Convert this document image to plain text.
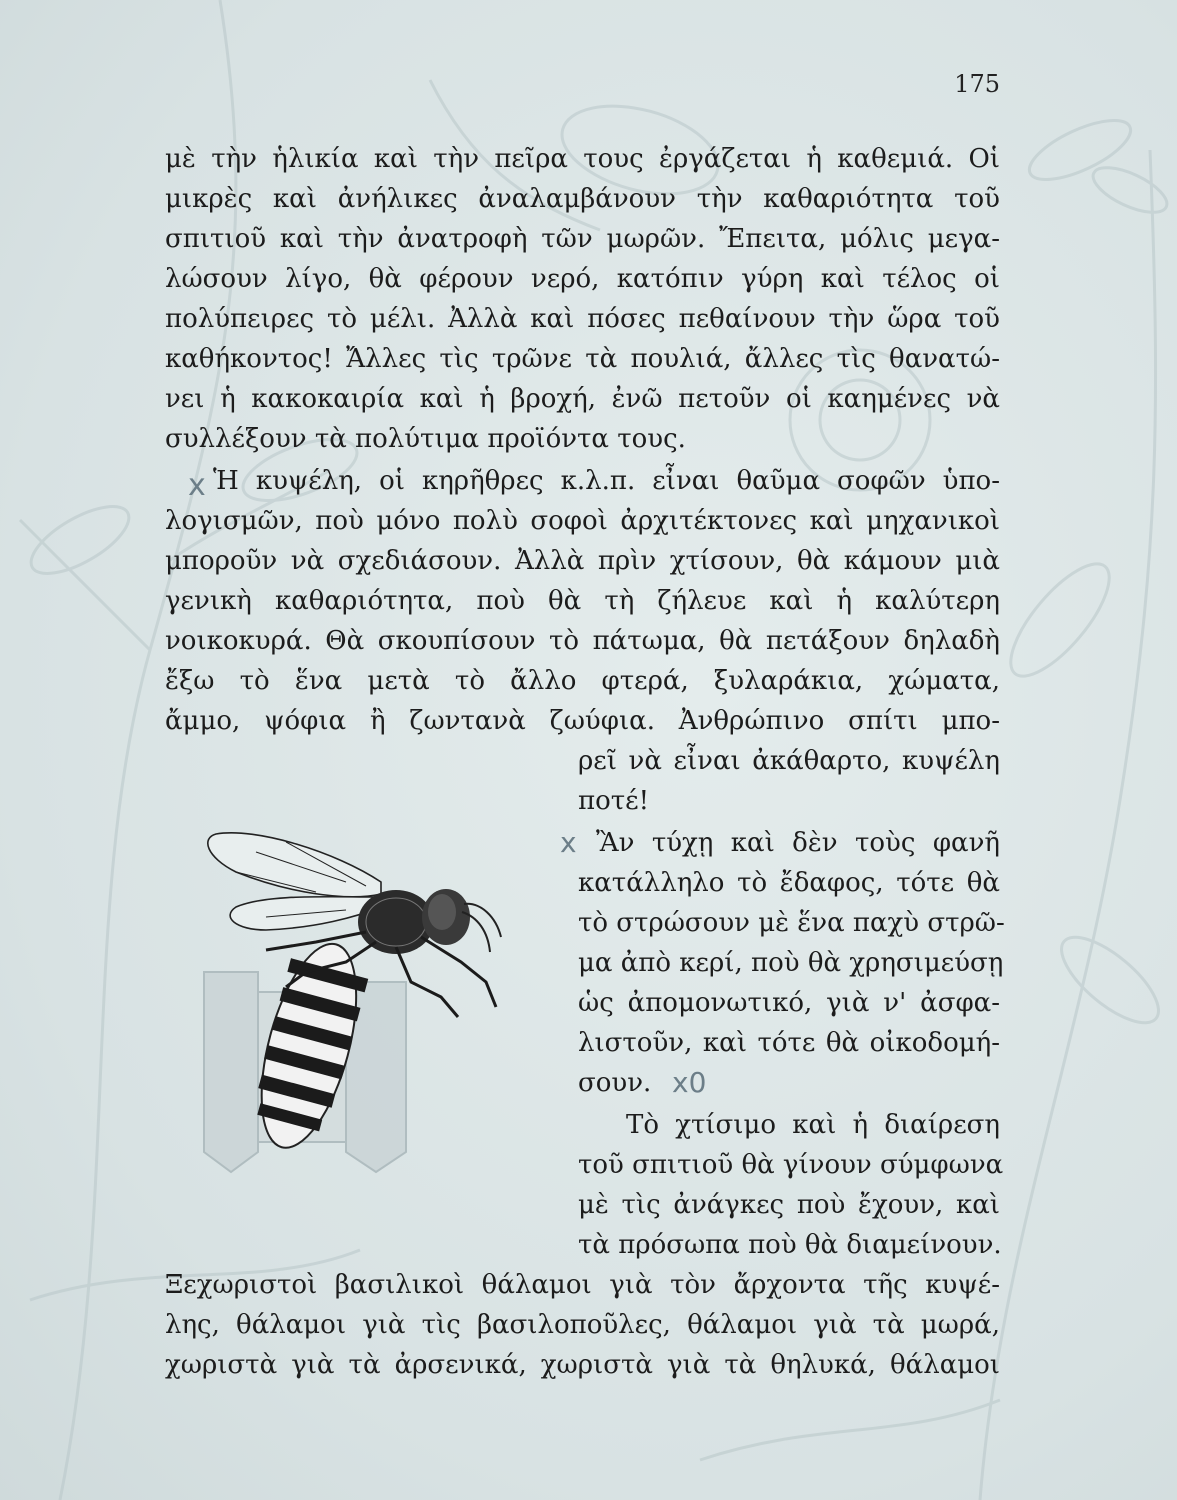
175
μὲ τὴν ἡλικία καὶ τὴν πεῖρα τους ἐργάζεται ἡ καθεμιά. Οἱ
μικρὲς καὶ ἀνήλικες ἀναλαμβάνουν τὴν καθαριότητα τοῦ
σπιτιοῦ καὶ τὴν ἀνατροφὴ τῶν μωρῶν. Ἔπειτα, μόλις μεγα-
λώσουν λίγο, θὰ φέρουν νερό, κατόπιν γύρη καὶ τέλος οἱ
πολύπειρες τὸ μέλι. Ἀλλὰ καὶ πόσες πεθαίνουν τὴν ὥρα τοῦ
καθήκοντος! Ἄλλες τὶς τρῶνε τὰ πουλιά, ἄλλες τὶς θανατώ-
νει ἡ κακοκαιρία καὶ ἡ βροχή, ἐνῶ πετοῦν οἱ καημένες νὰ
συλλέξουν τὰ πολύτιμα προϊόντα τους.
Ἡ κυψέλη, οἱ κηρῆθρες κ.λ.π. εἶναι θαῦμα σοφῶν ὑπο-
λογισμῶν, ποὺ μόνο πολὺ σοφοὶ ἀρχιτέκτονες καὶ μηχανικοὶ
μποροῦν νὰ σχεδιάσουν. Ἀλλὰ πρὶν χτίσουν, θὰ κάμουν μιὰ
γενικὴ καθαριότητα, ποὺ θὰ τὴ ζήλευε καὶ ἡ καλύτερη
νοικοκυρά. Θὰ σκουπίσουν τὸ πάτωμα, θὰ πετάξουν δηλαδὴ
ἔξω τὸ ἕνα μετὰ τὸ ἄλλο φτερά, ξυλαράκια, χώματα,
ἄμμο, ψόφια ἢ ζωντανὰ ζωύφια. Ἀνθρώπινο σπίτι μπο-
ρεῖ νὰ εἶναι ἀκάθαρτο, κυψέλη
ποτέ!
Ἂν τύχῃ καὶ δὲν τοὺς φανῆ
κατάλληλο τὸ ἔδαφος, τότε θὰ
τὸ στρώσουν μὲ ἕνα παχὺ στρῶ-
μα ἀπὸ κερί, ποὺ θὰ χρησιμεύσῃ
ὡς ἀπομονωτικό, γιὰ ν' ἀσφα-
λιστοῦν, καὶ τότε θὰ οἰκοδομή-
σουν.
Τὸ χτίσιμο καὶ ἡ διαίρεση
τοῦ σπιτιοῦ θὰ γίνουν σύμφωνα
μὲ τὶς ἀνάγκες ποὺ ἔχουν, καὶ
τὰ πρόσωπα ποὺ θὰ διαμείνουν.
Ξεχωριστοὶ βασιλικοὶ θάλαμοι γιὰ τὸν ἄρχοντα τῆς κυψέ-
λης, θάλαμοι γιὰ τὶς βασιλοποῦλες, θάλαμοι γιὰ τὰ μωρά,
χωριστὰ γιὰ τὰ ἀρσενικά, χωριστὰ γιὰ τὰ θηλυκά, θάλαμοι
x
x
x0
